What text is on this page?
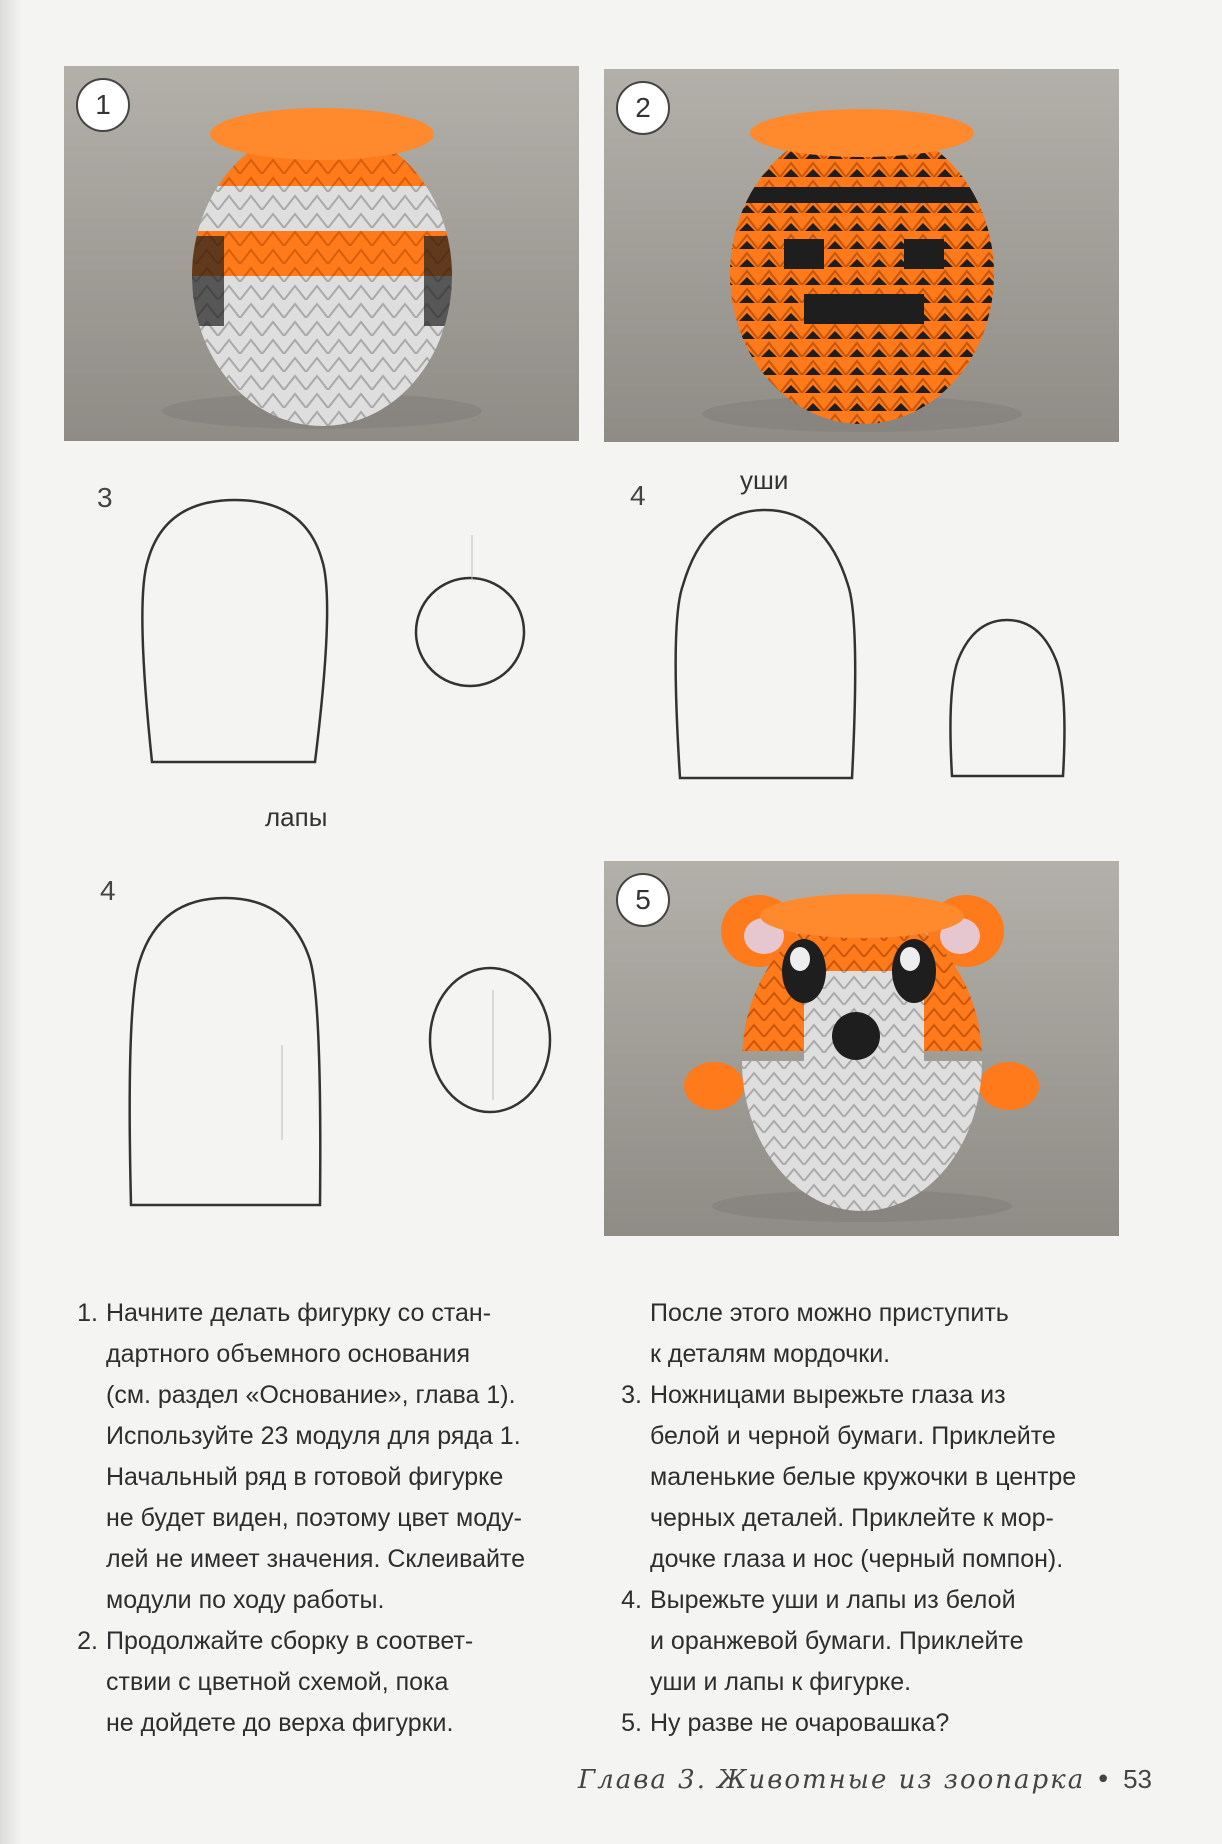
1	2
3
лапы
4	уши
4	5
1. Начните делать фигурку со стан-
дартного объемного основания
(см. раздел «Основание», глава 1).
Используйте 23 модуля для ряда 1.
Начальный ряд в готовой фигурке
не будет виден, поэтому цвет моду-
лей не имеет значения. Склеивайте
модули по ходу работы.
2. Продолжайте сборку в соответ-
ствии с цветной схемой, пока
не дойдете до верха фигурки.
После этого можно приступить
к деталям мордочки.
3. Ножницами вырежьте глаза из
белой и черной бумаги. Приклейте
маленькие белые кружочки в центре
черных деталей. Приклейте к мор-
дочке глаза и нос (черный помпон).
4. Вырежьте уши и лапы из белой
и оранжевой бумаги. Приклейте
уши и лапы к фигурке.
5. Ну разве не очаровашка?
Глава 3. Животные из зоопарка • 53
